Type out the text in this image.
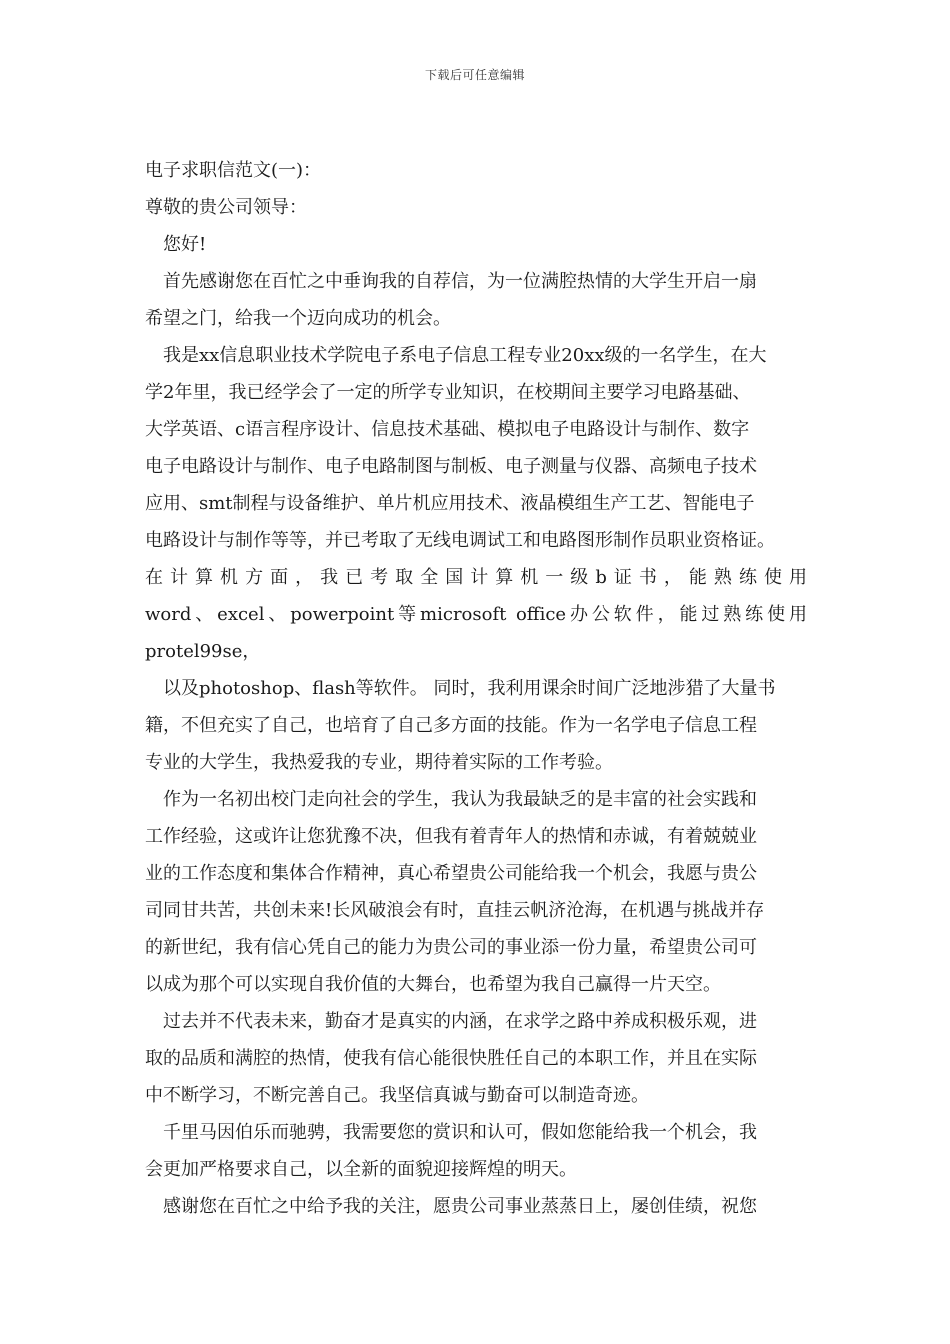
下载后可任意编辑
电子求职信范文(一)：
尊敬的贵公司领导：
您好!
首先感谢您在百忙之中垂询我的自荐信，为一位满腔热情的大学生开启一扇
希望之门，给我一个迈向成功的机会。
我是xx信息职业技术学院电子系电子信息工程专业20xx级的一名学生，在大
学2年里，我已经学会了一定的所学专业知识，在校期间主要学习电路基础、
大学英语、c语言程序设计、信息技术基础、模拟电子电路设计与制作、数字
电子电路设计与制作、电子电路制图与制板、电子测量与仪器、高频电子技术
应用、smt制程与设备维护、单片机应用技术、液晶模组生产工艺、智能电子
电路设计与制作等等，并已考取了无线电调试工和电路图形制作员职业资格证。
在计算机方面，我已考取全国计算机一级b证书，能熟练使用
word、excel、powerpoint等microsoft office办公软件，能过熟练使用
protel99se，
以及photoshop、flash等软件。 同时，我利用课余时间广泛地涉猎了大量书
籍，不但充实了自己，也培育了自己多方面的技能。作为一名学电子信息工程
专业的大学生，我热爱我的专业，期待着实际的工作考验。
作为一名初出校门走向社会的学生，我认为我最缺乏的是丰富的社会实践和
工作经验，这或许让您犹豫不决，但我有着青年人的热情和赤诚，有着兢兢业
业的工作态度和集体合作精神，真心希望贵公司能给我一个机会，我愿与贵公
司同甘共苦，共创未来!长风破浪会有时，直挂云帆济沧海，在机遇与挑战并存
的新世纪，我有信心凭自己的能力为贵公司的事业添一份力量，希望贵公司可
以成为那个可以实现自我价值的大舞台，也希望为我自己赢得一片天空。
过去并不代表未来，勤奋才是真实的内涵，在求学之路中养成积极乐观，进
取的品质和满腔的热情，使我有信心能很快胜任自己的本职工作，并且在实际
中不断学习，不断完善自己。我坚信真诚与勤奋可以制造奇迹。
千里马因伯乐而驰骋，我需要您的赏识和认可，假如您能给我一个机会，我
会更加严格要求自己，以全新的面貌迎接辉煌的明天。
感谢您在百忙之中给予我的关注，愿贵公司事业蒸蒸日上，屡创佳绩，祝您
